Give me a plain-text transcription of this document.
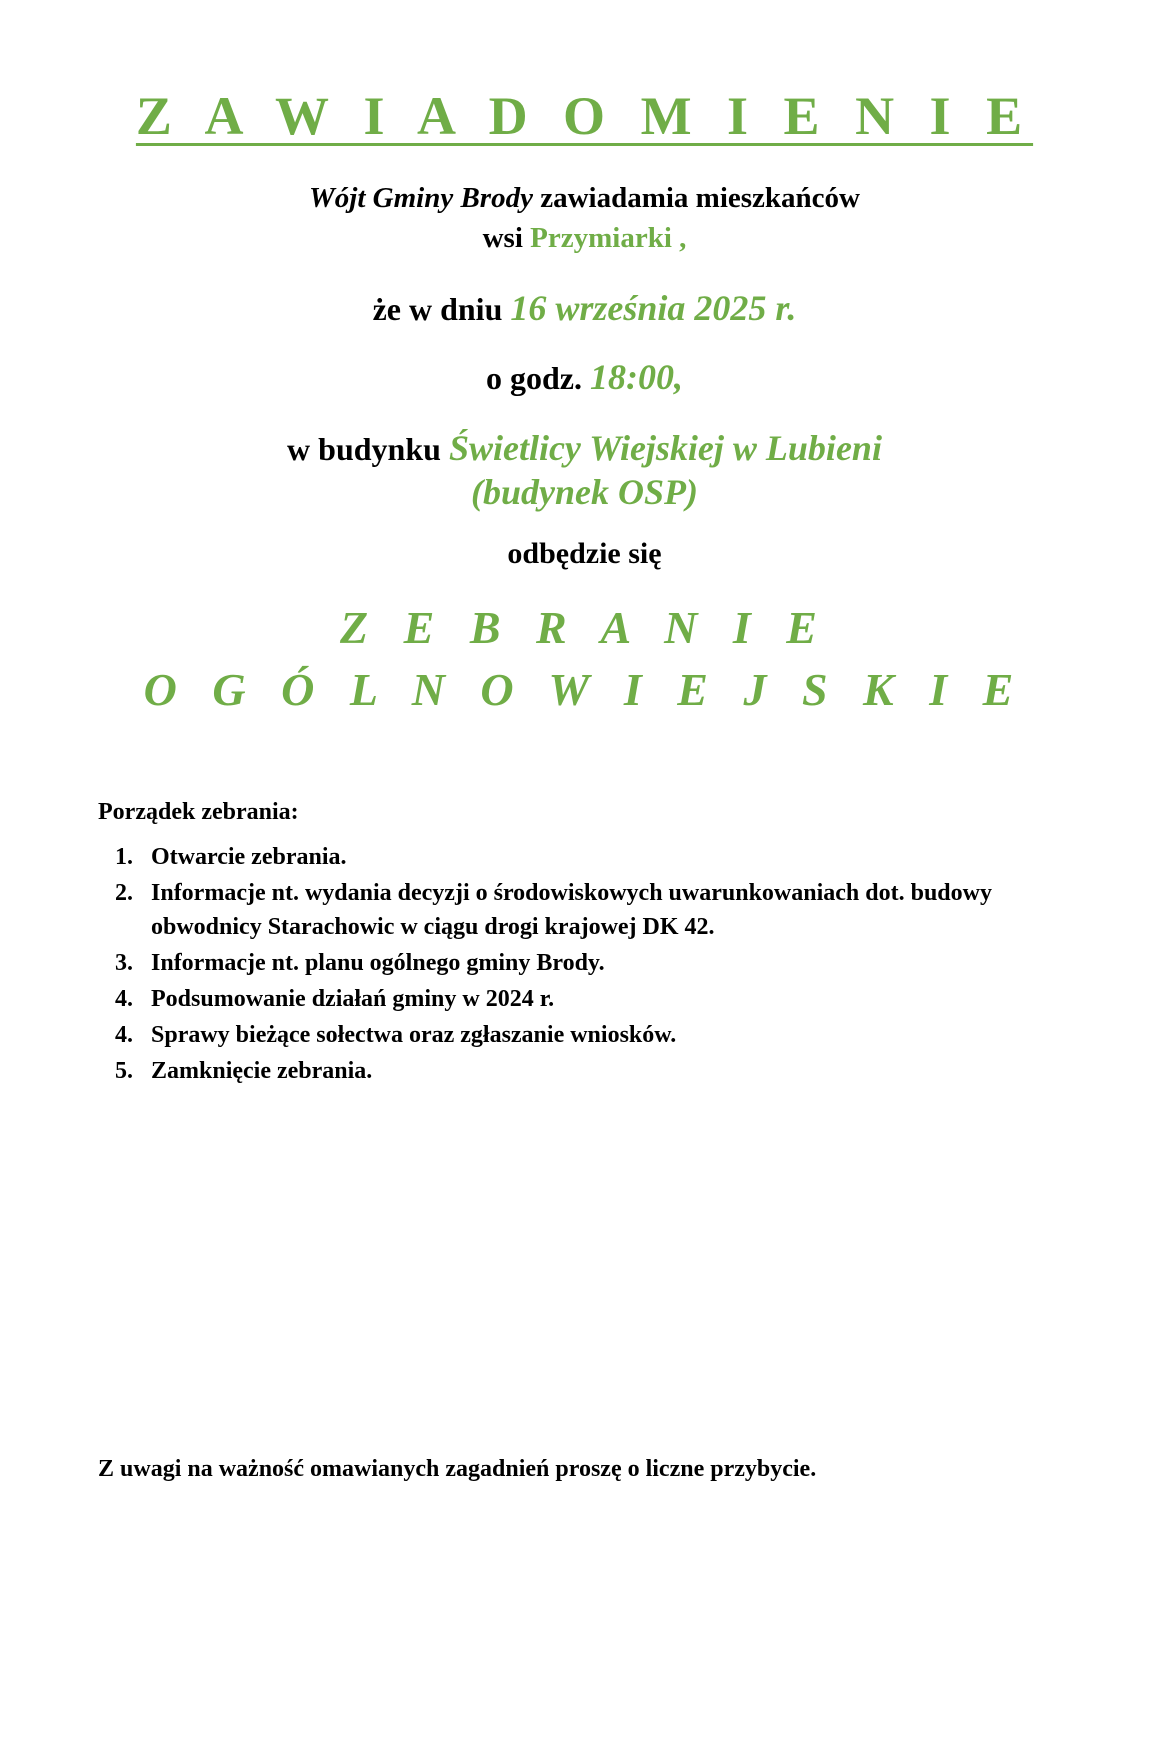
Z A W I A D O M I E N I E
Wójt Gminy Brody zawiadamia mieszkańców
wsi Przymiarki ,
że w dniu 16 września 2025 r.
o godz. 18:00,
w budynku Świetlicy Wiejskiej w Lubieni
(budynek OSP)
odbędzie się
Z E B R A N I E
O G Ó L N O W I E J S K I E
Porządek zebrania:
1. Otwarcie zebrania.
2. Informacje nt. wydania decyzji o środowiskowych uwarunkowaniach dot. budowy obwodnicy Starachowic w ciągu drogi krajowej DK 42.
3. Informacje nt. planu ogólnego gminy Brody.
4. Podsumowanie działań gminy w 2024 r.
4. Sprawy bieżące sołectwa oraz zgłaszanie wniosków.
5. Zamknięcie zebrania.
Z uwagi na ważność omawianych zagadnień proszę o liczne przybycie.
